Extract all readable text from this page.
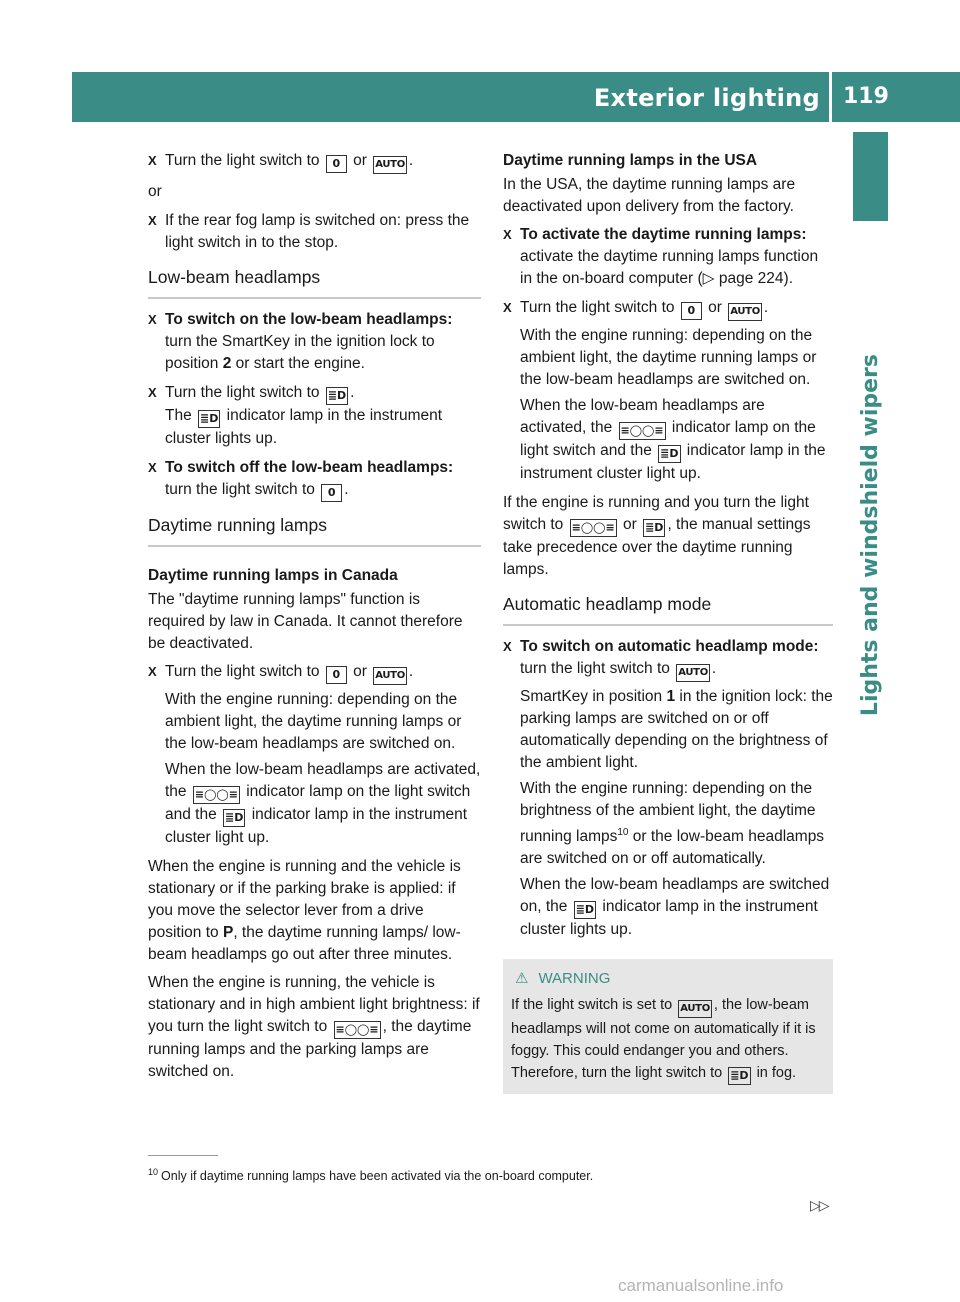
Exterior lighting 119
Lights and windshield wipers
X Turn the light switch to 0 or AUTO .

or

X If the rear fog lamp is switched on: press the light switch in to the stop.

Low-beam headlamps
X To switch on the low-beam headlamps: turn the SmartKey in the ignition lock to position 2 or start the engine.

X Turn the light switch to ≣D .
The ≣D indicator lamp in the instrument cluster lights up.

X To switch off the low-beam headlamps: turn the light switch to 0 .

Daytime running lamps
Daytime running lamps in Canada

The "daytime running lamps" function is required by law in Canada. It cannot therefore be deactivated.

X Turn the light switch to 0 or AUTO .

With the engine running: depending on the ambient light, the daytime running lamps or the low-beam headlamps are switched on.

When the low-beam headlamps are activated, the ≡◯◯≡ indicator lamp on the light switch and the ≣D indicator lamp in the instrument cluster light up.

When the engine is running and the vehicle is stationary or if the parking brake is applied: if you move the selector lever from a drive position to P, the daytime running lamps/ low-beam headlamps go out after three minutes.

When the engine is running, the vehicle is stationary and in high ambient light brightness: if you turn the light switch to ≡◯◯≡ , the daytime running lamps and the parking lamps are switched on.

Daytime running lamps in the USA

In the USA, the daytime running lamps are deactivated upon delivery from the factory.

X To activate the daytime running lamps: activate the daytime running lamps function in the on-board computer (▷ page 224).

X Turn the light switch to 0 or AUTO .

With the engine running: depending on the ambient light, the daytime running lamps or the low-beam headlamps are switched on.

When the low-beam headlamps are activated, the ≡◯◯≡ indicator lamp on the light switch and the ≣D indicator lamp in the instrument cluster light up.

If the engine is running and you turn the light switch to ≡◯◯≡ or ≣D , the manual settings take precedence over the daytime running lamps.

Automatic headlamp mode
X To switch on automatic headlamp mode: turn the light switch to AUTO .

SmartKey in position 1 in the ignition lock: the parking lamps are switched on or off automatically depending on the brightness of the ambient light.

With the engine running: depending on the brightness of the ambient light, the daytime running lamps$^{10}$ or the low-beam headlamps are switched on or off automatically.

When the low-beam headlamps are switched on, the ≣D indicator lamp in the instrument cluster lights up.

⚠ WARNING
If the light switch is set to AUTO , the low-beam headlamps will not come on automatically if it is foggy. This could endanger you and others. Therefore, turn the light switch to ≣D in fog.
$^{10}$ Only if daytime running lamps have been activated via the on-board computer.
▷▷
carmanualsonline.info
